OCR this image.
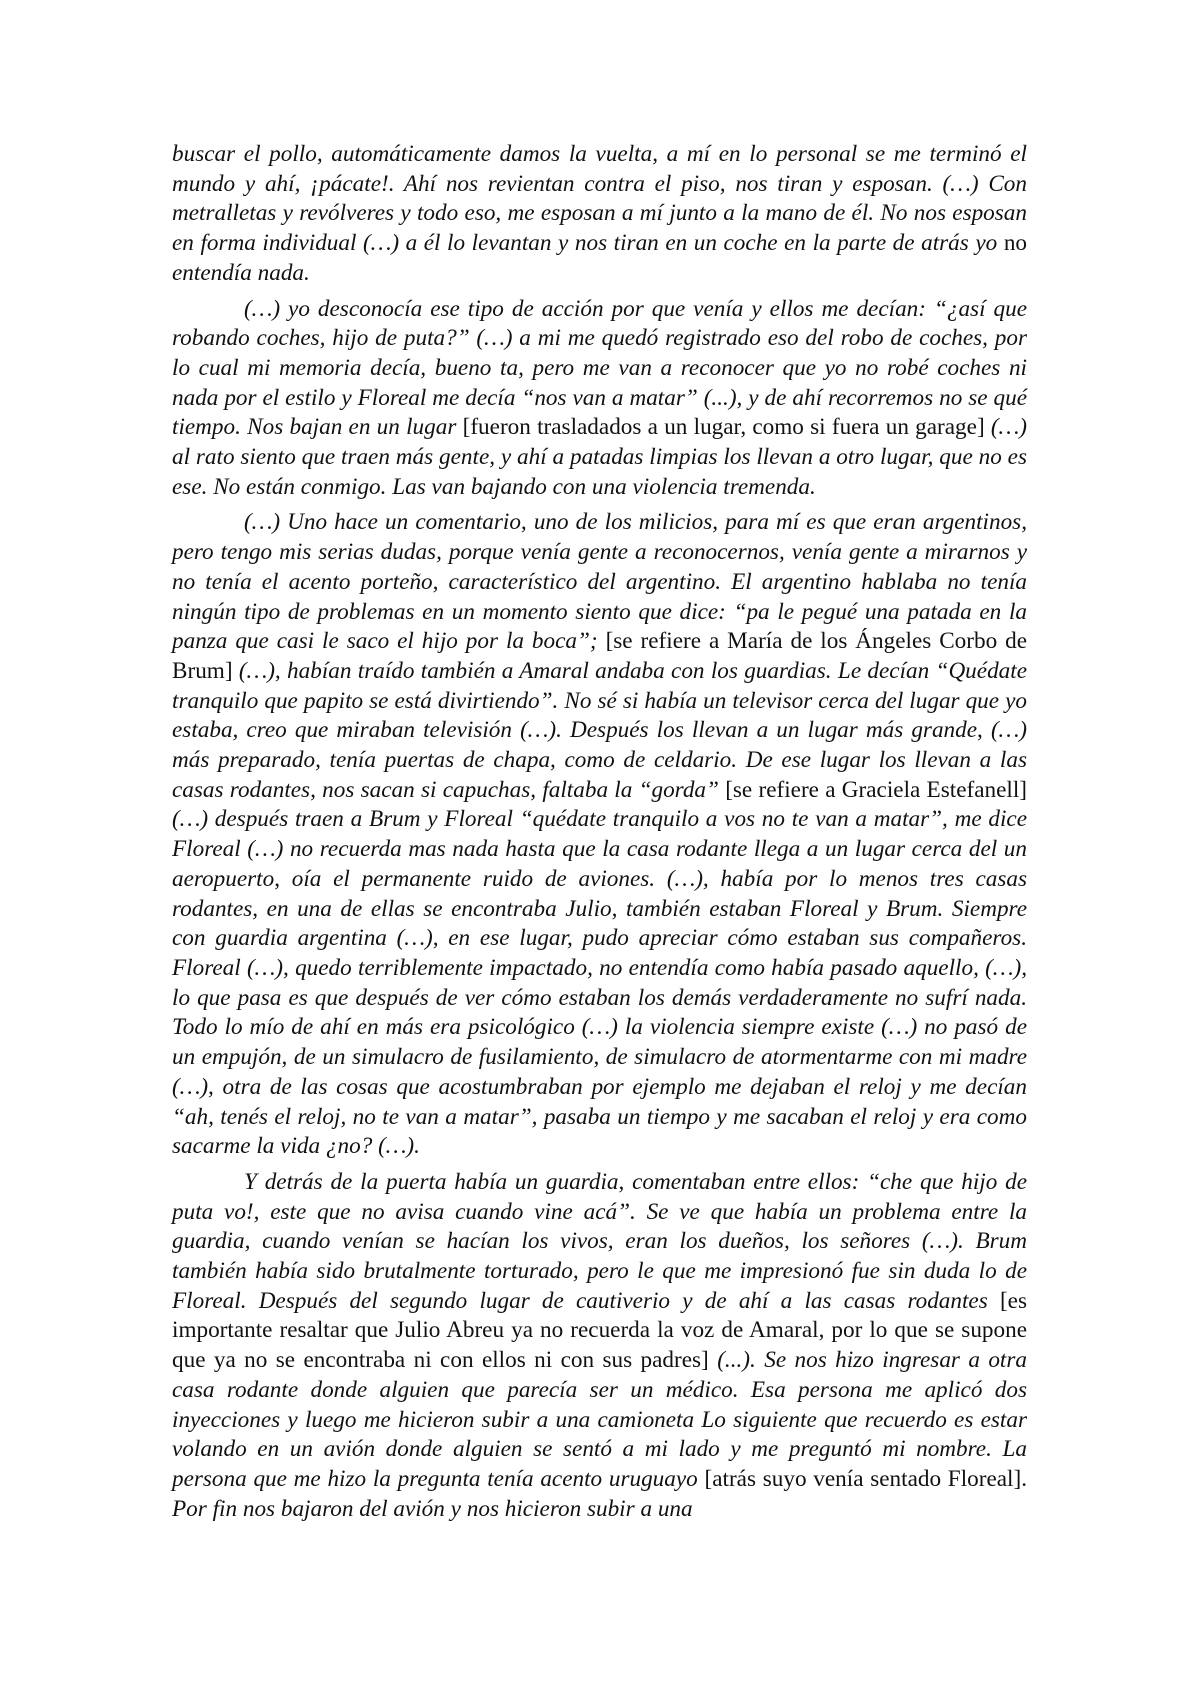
buscar el pollo, automáticamente damos la vuelta, a mí en lo personal se me terminó el mundo y ahí, ¡pácate!. Ahí nos revientan contra el piso, nos tiran y esposan. (…) Con metralletas y revólveres y todo eso, me esposan a mí junto a la mano de él. No nos esposan en forma individual (…) a él lo levantan y nos tiran en un coche en la parte de atrás yo no entendía nada.

(…) yo desconocía ese tipo de acción por que venía y ellos me decían: “¿así que robando coches, hijo de puta?” (…) a mi me quedó registrado eso del robo de coches, por lo cual mi memoria decía, bueno ta, pero me van a reconocer que yo no robé coches ni nada por el estilo y Floreal me decía “nos van a matar” (...), y de ahí recorremos no se qué tiempo. Nos bajan en un lugar [fueron trasladados a un lugar, como si fuera un garage] (…) al rato siento que traen más gente, y ahí a patadas limpias los llevan a otro lugar, que no es ese. No están conmigo. Las van bajando con una violencia tremenda.

(…) Uno hace un comentario, uno de los milicios, para mí es que eran argentinos, pero tengo mis serias dudas, porque venía gente a reconocernos, venía gente a mirarnos y no tenía el acento porteño, característico del argentino. El argentino hablaba no tenía ningún tipo de problemas en un momento siento que dice: “pa le pegué una patada en la panza que casi le saco el hijo por la boca”; [se refiere a María de los Ángeles Corbo de Brum] (…), habían traído también a Amaral andaba con los guardias. Le decían “Quédate tranquilo que papito se está divirtiendo”. No sé si había un televisor cerca del lugar que yo estaba, creo que miraban televisión (…). Después los llevan a un lugar más grande, (…) más preparado, tenía puertas de chapa, como de celdario. De ese lugar los llevan a las casas rodantes, nos sacan si capuchas, faltaba la “gorda” [se refiere a Graciela Estefanell] (…) después traen a Brum y Floreal “quédate tranquilo a vos no te van a matar”, me dice Floreal (…) no recuerda mas nada hasta que la casa rodante llega a un lugar cerca del un aeropuerto, oía el permanente ruido de aviones. (…), había por lo menos tres casas rodantes, en una de ellas se encontraba Julio, también estaban Floreal y Brum. Siempre con guardia argentina (…), en ese lugar, pudo apreciar cómo estaban sus compañeros. Floreal (…), quedo terriblemente impactado, no entendía como había pasado aquello, (…), lo que pasa es que después de ver cómo estaban los demás verdaderamente no sufrí nada. Todo lo mío de ahí en más era psicológico (…) la violencia siempre existe (…) no pasó de un empujón, de un simulacro de fusilamiento, de simulacro de atormentarme con mi madre (…), otra de las cosas que acostumbraban por ejemplo me dejaban el reloj y me decían “ah, tenés el reloj, no te van a matar”, pasaba un tiempo y me sacaban el reloj y era como sacarme la vida ¿no? (…).

Y detrás de la puerta había un guardia, comentaban entre ellos: “che que hijo de puta vo!, este que no avisa cuando vine acá”. Se ve que había un problema entre la guardia, cuando venían se hacían los vivos, eran los dueños, los señores (…). Brum también había sido brutalmente torturado, pero le que me impresionó fue sin duda lo de Floreal. Después del segundo lugar de cautiverio y de ahí a las casas rodantes [es importante resaltar que Julio Abreu ya no recuerda la voz de Amaral, por lo que se supone que ya no se encontraba ni con ellos ni con sus padres] (...). Se nos hizo ingresar a otra casa rodante donde alguien que parecía ser un médico. Esa persona me aplicó dos inyecciones y luego me hicieron subir a una camioneta Lo siguiente que recuerdo es estar volando en un avión donde alguien se sentó a mi lado y me preguntó mi nombre. La persona que me hizo la pregunta tenía acento uruguayo [atrás suyo venía sentado Floreal]. Por fin nos bajaron del avión y nos hicieron subir a una
